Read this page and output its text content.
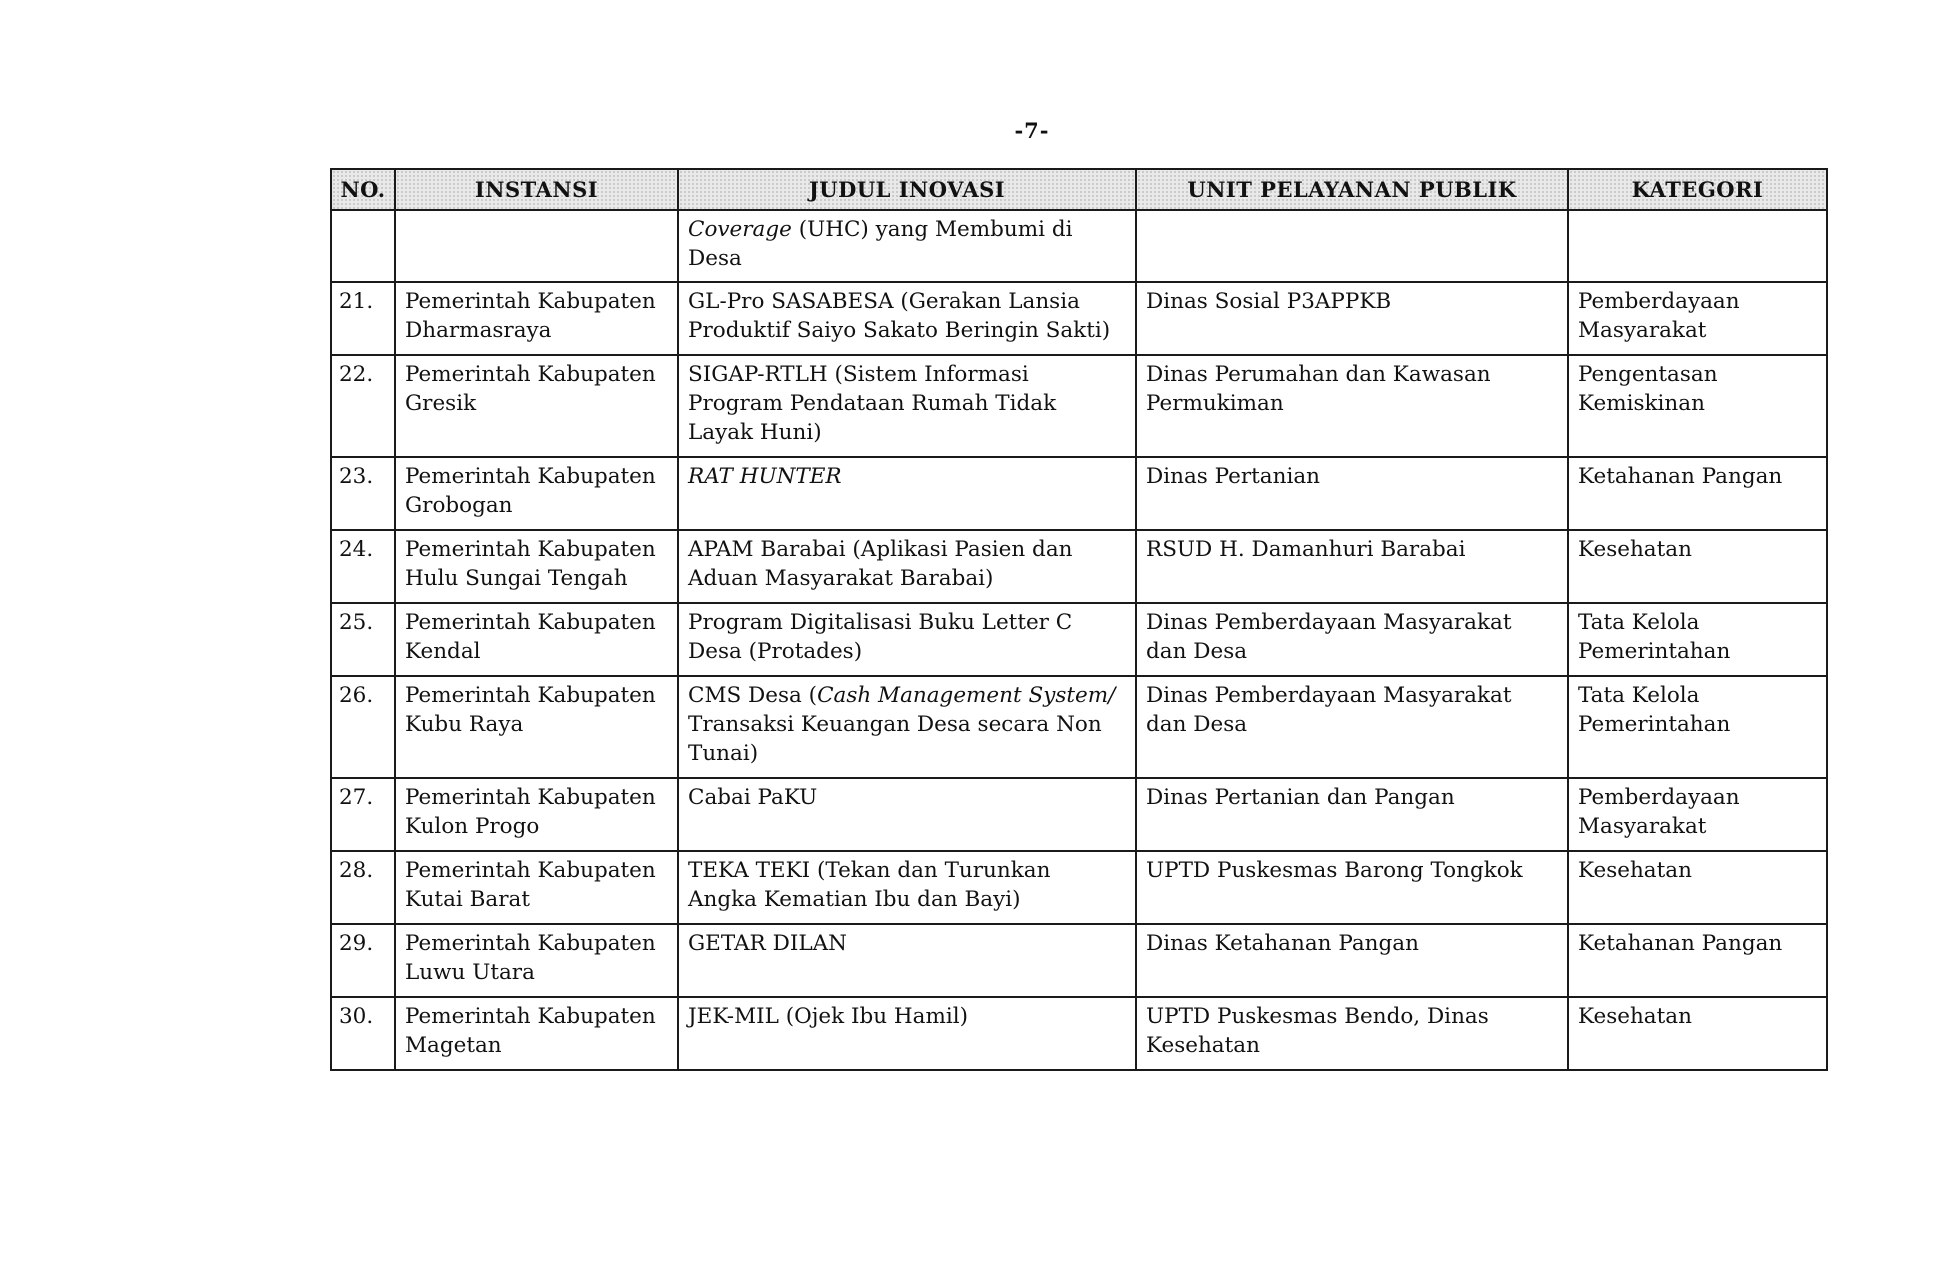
-7-
NO.	INSTANSI	JUDUL INOVASI	UNIT PELAYANAN PUBLIK	KATEGORI
		Coverage (UHC) yang Membumi di Desa		
21.	Pemerintah Kabupaten Dharmasraya	GL-Pro SASABESA (Gerakan Lansia Produktif Saiyo Sakato Beringin Sakti)	Dinas Sosial P3APPKB	Pemberdayaan Masyarakat
22.	Pemerintah Kabupaten Gresik	SIGAP-RTLH (Sistem Informasi Program Pendataan Rumah Tidak Layak Huni)	Dinas Perumahan dan Kawasan Permukiman	Pengentasan Kemiskinan
23.	Pemerintah Kabupaten Grobogan	RAT HUNTER	Dinas Pertanian	Ketahanan Pangan
24.	Pemerintah Kabupaten Hulu Sungai Tengah	APAM Barabai (Aplikasi Pasien dan Aduan Masyarakat Barabai)	RSUD H. Damanhuri Barabai	Kesehatan
25.	Pemerintah Kabupaten Kendal	Program Digitalisasi Buku Letter C Desa (Protades)	Dinas Pemberdayaan Masyarakat dan Desa	Tata Kelola Pemerintahan
26.	Pemerintah Kabupaten Kubu Raya	CMS Desa (Cash Management System/ Transaksi Keuangan Desa secara Non Tunai)	Dinas Pemberdayaan Masyarakat dan Desa	Tata Kelola Pemerintahan
27.	Pemerintah Kabupaten Kulon Progo	Cabai PaKU	Dinas Pertanian dan Pangan	Pemberdayaan Masyarakat
28.	Pemerintah Kabupaten Kutai Barat	TEKA TEKI (Tekan dan Turunkan Angka Kematian Ibu dan Bayi)	UPTD Puskesmas Barong Tongkok	Kesehatan
29.	Pemerintah Kabupaten Luwu Utara	GETAR DILAN	Dinas Ketahanan Pangan	Ketahanan Pangan
30.	Pemerintah Kabupaten Magetan	JEK-MIL (Ojek Ibu Hamil)	UPTD Puskesmas Bendo, Dinas Kesehatan	Kesehatan
